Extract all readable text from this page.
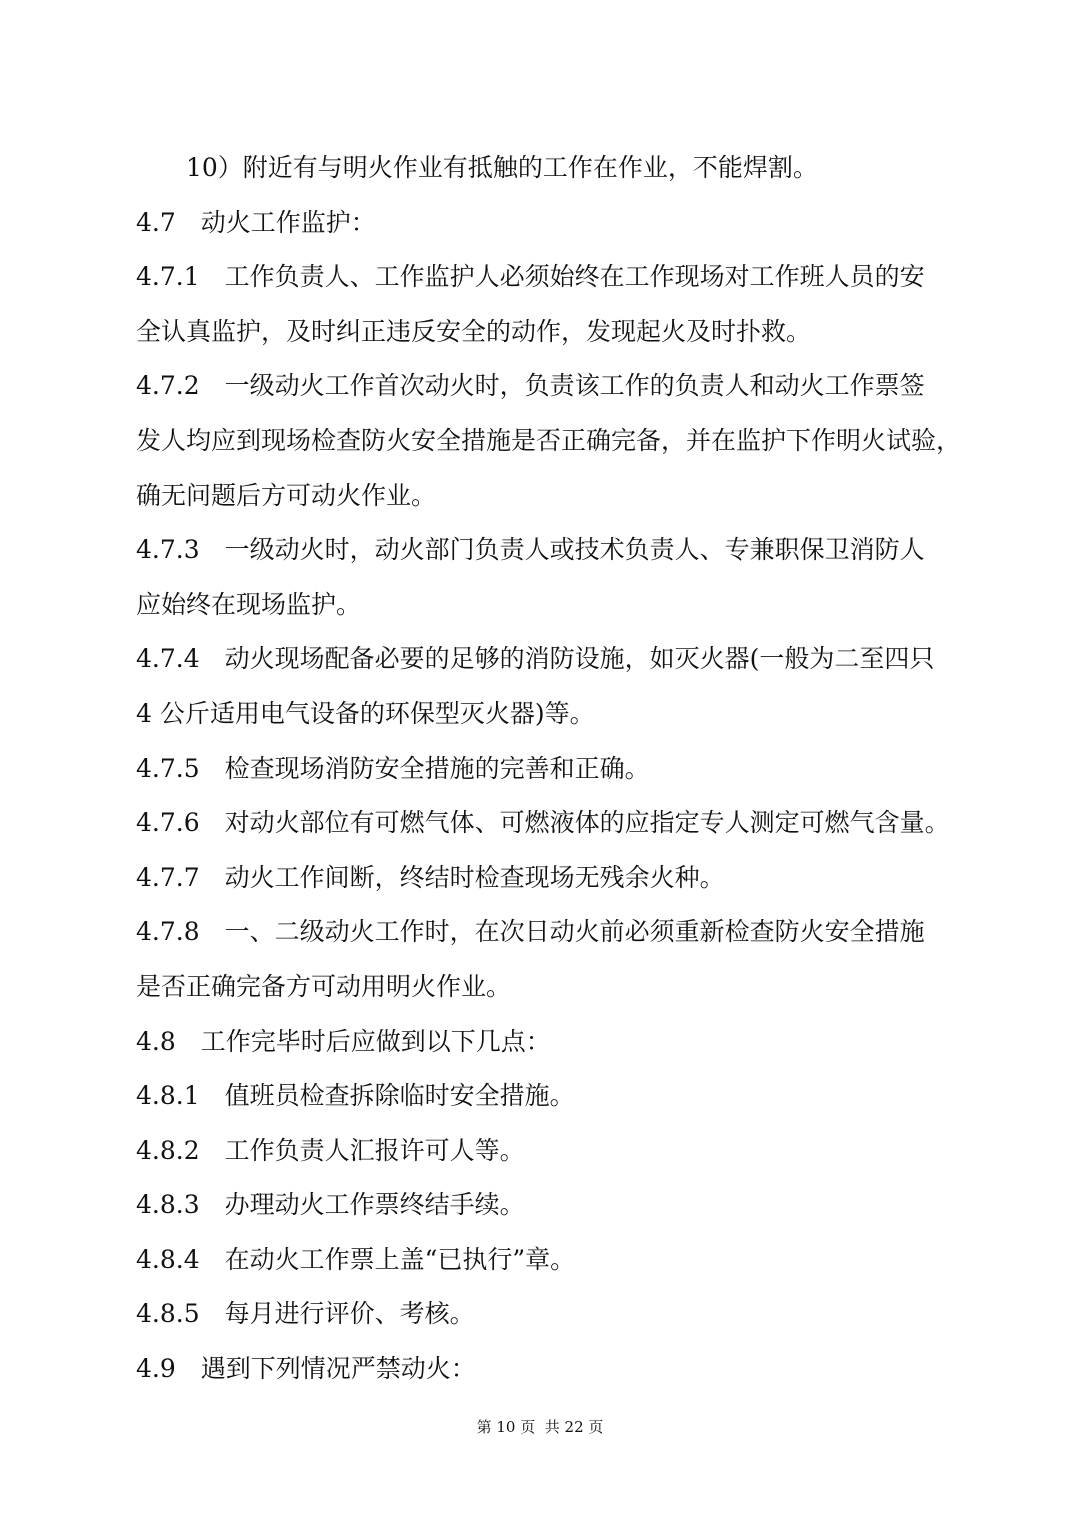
10）附近有与明火作业有抵触的工作在作业，不能焊割。
4.7　动火工作监护：
4.7.1　工作负责人、工作监护人必须始终在工作现场对工作班人员的安
全认真监护，及时纠正违反安全的动作，发现起火及时扑救。
4.7.2　一级动火工作首次动火时，负责该工作的负责人和动火工作票签
发人均应到现场检查防火安全措施是否正确完备，并在监护下作明火试验，
确无问题后方可动火作业。
4.7.3　一级动火时，动火部门负责人或技术负责人、专兼职保卫消防人
应始终在现场监护。
4.7.4　动火现场配备必要的足够的消防设施，如灭火器(一般为二至四只
4 公斤适用电气设备的环保型灭火器)等。
4.7.5　检查现场消防安全措施的完善和正确。
4.7.6　对动火部位有可燃气体、可燃液体的应指定专人测定可燃气含量。
4.7.7　动火工作间断，终结时检查现场无残余火种。
4.7.8　一、二级动火工作时，在次日动火前必须重新检查防火安全措施
是否正确完备方可动用明火作业。
4.8　工作完毕时后应做到以下几点：
4.8.1　值班员检查拆除临时安全措施。
4.8.2　工作负责人汇报许可人等。
4.8.3　办理动火工作票终结手续。
4.8.4　在动火工作票上盖“已执行”章。
4.8.5　每月进行评价、考核。
4.9　遇到下列情况严禁动火：
第 10 页  共 22 页
